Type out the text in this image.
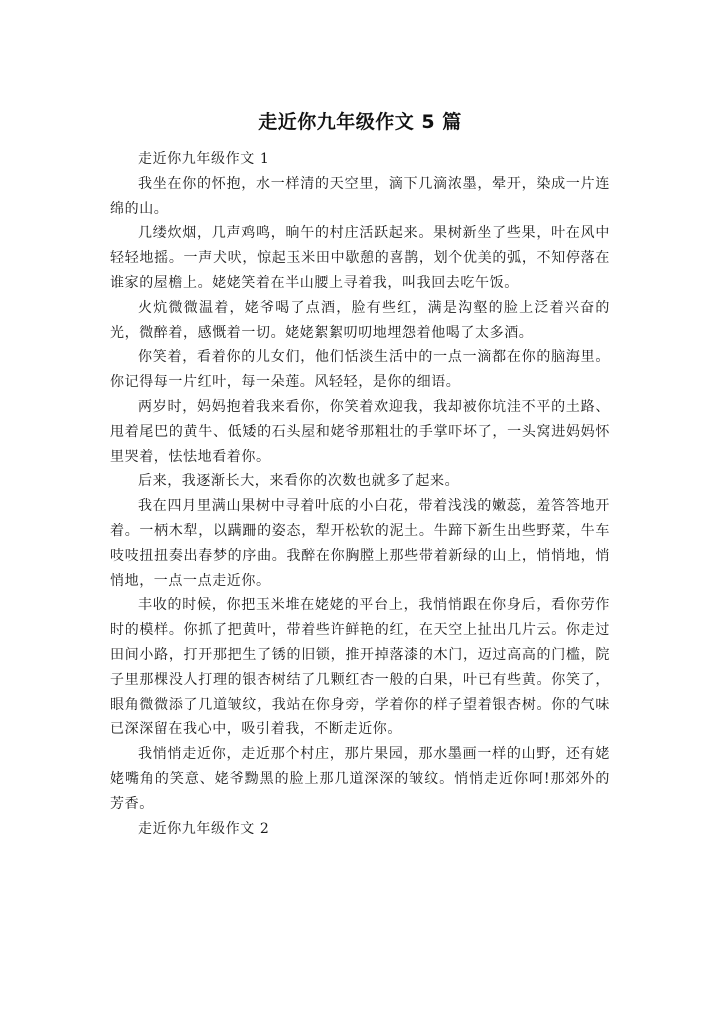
走近你九年级作文 5 篇

走近你九年级作文 1

我坐在你的怀抱，水一样清的天空里，滴下几滴浓墨，晕开，染成一片连绵的山。

几缕炊烟，几声鸡鸣，晌午的村庄活跃起来。果树新坐了些果，叶在风中轻轻地摇。一声犬吠，惊起玉米田中歇憩的喜鹊，划个优美的弧，不知停落在谁家的屋檐上。姥姥笑着在半山腰上寻着我，叫我回去吃午饭。

火炕微微温着，姥爷喝了点酒，脸有些红，满是沟壑的脸上泛着兴奋的光，微醉着，感慨着一切。姥姥絮絮叨叨地埋怨着他喝了太多酒。

你笑着，看着你的儿女们，他们恬淡生活中的一点一滴都在你的脑海里。你记得每一片红叶，每一朵莲。风轻轻，是你的细语。

两岁时，妈妈抱着我来看你，你笑着欢迎我，我却被你坑洼不平的土路、甩着尾巴的黄牛、低矮的石头屋和姥爷那粗壮的手掌吓坏了，一头窝进妈妈怀里哭着，怯怯地看着你。

后来，我逐渐长大，来看你的次数也就多了起来。

我在四月里满山果树中寻着叶底的小白花，带着浅浅的嫩蕊，羞答答地开着。一柄木犁，以蹒跚的姿态，犁开松软的泥土。牛蹄下新生出些野菜，牛车吱吱扭扭奏出春梦的序曲。我醉在你胸膛上那些带着新绿的山上，悄悄地，悄悄地，一点一点走近你。

丰收的时候，你把玉米堆在姥姥的平台上，我悄悄跟在你身后，看你劳作时的模样。你抓了把黄叶，带着些许鲜艳的红，在天空上扯出几片云。你走过田间小路，打开那把生了锈的旧锁，推开掉落漆的木门，迈过高高的门槛，院子里那棵没人打理的银杏树结了几颗红杏一般的白果，叶已有些黄。你笑了，眼角微微添了几道皱纹，我站在你身旁，学着你的样子望着银杏树。你的气味已深深留在我心中，吸引着我，不断走近你。

我悄悄走近你，走近那个村庄，那片果园，那水墨画一样的山野，还有姥姥嘴角的笑意、姥爷黝黑的脸上那几道深深的皱纹。悄悄走近你呵!那郊外的芳香。

走近你九年级作文 2
